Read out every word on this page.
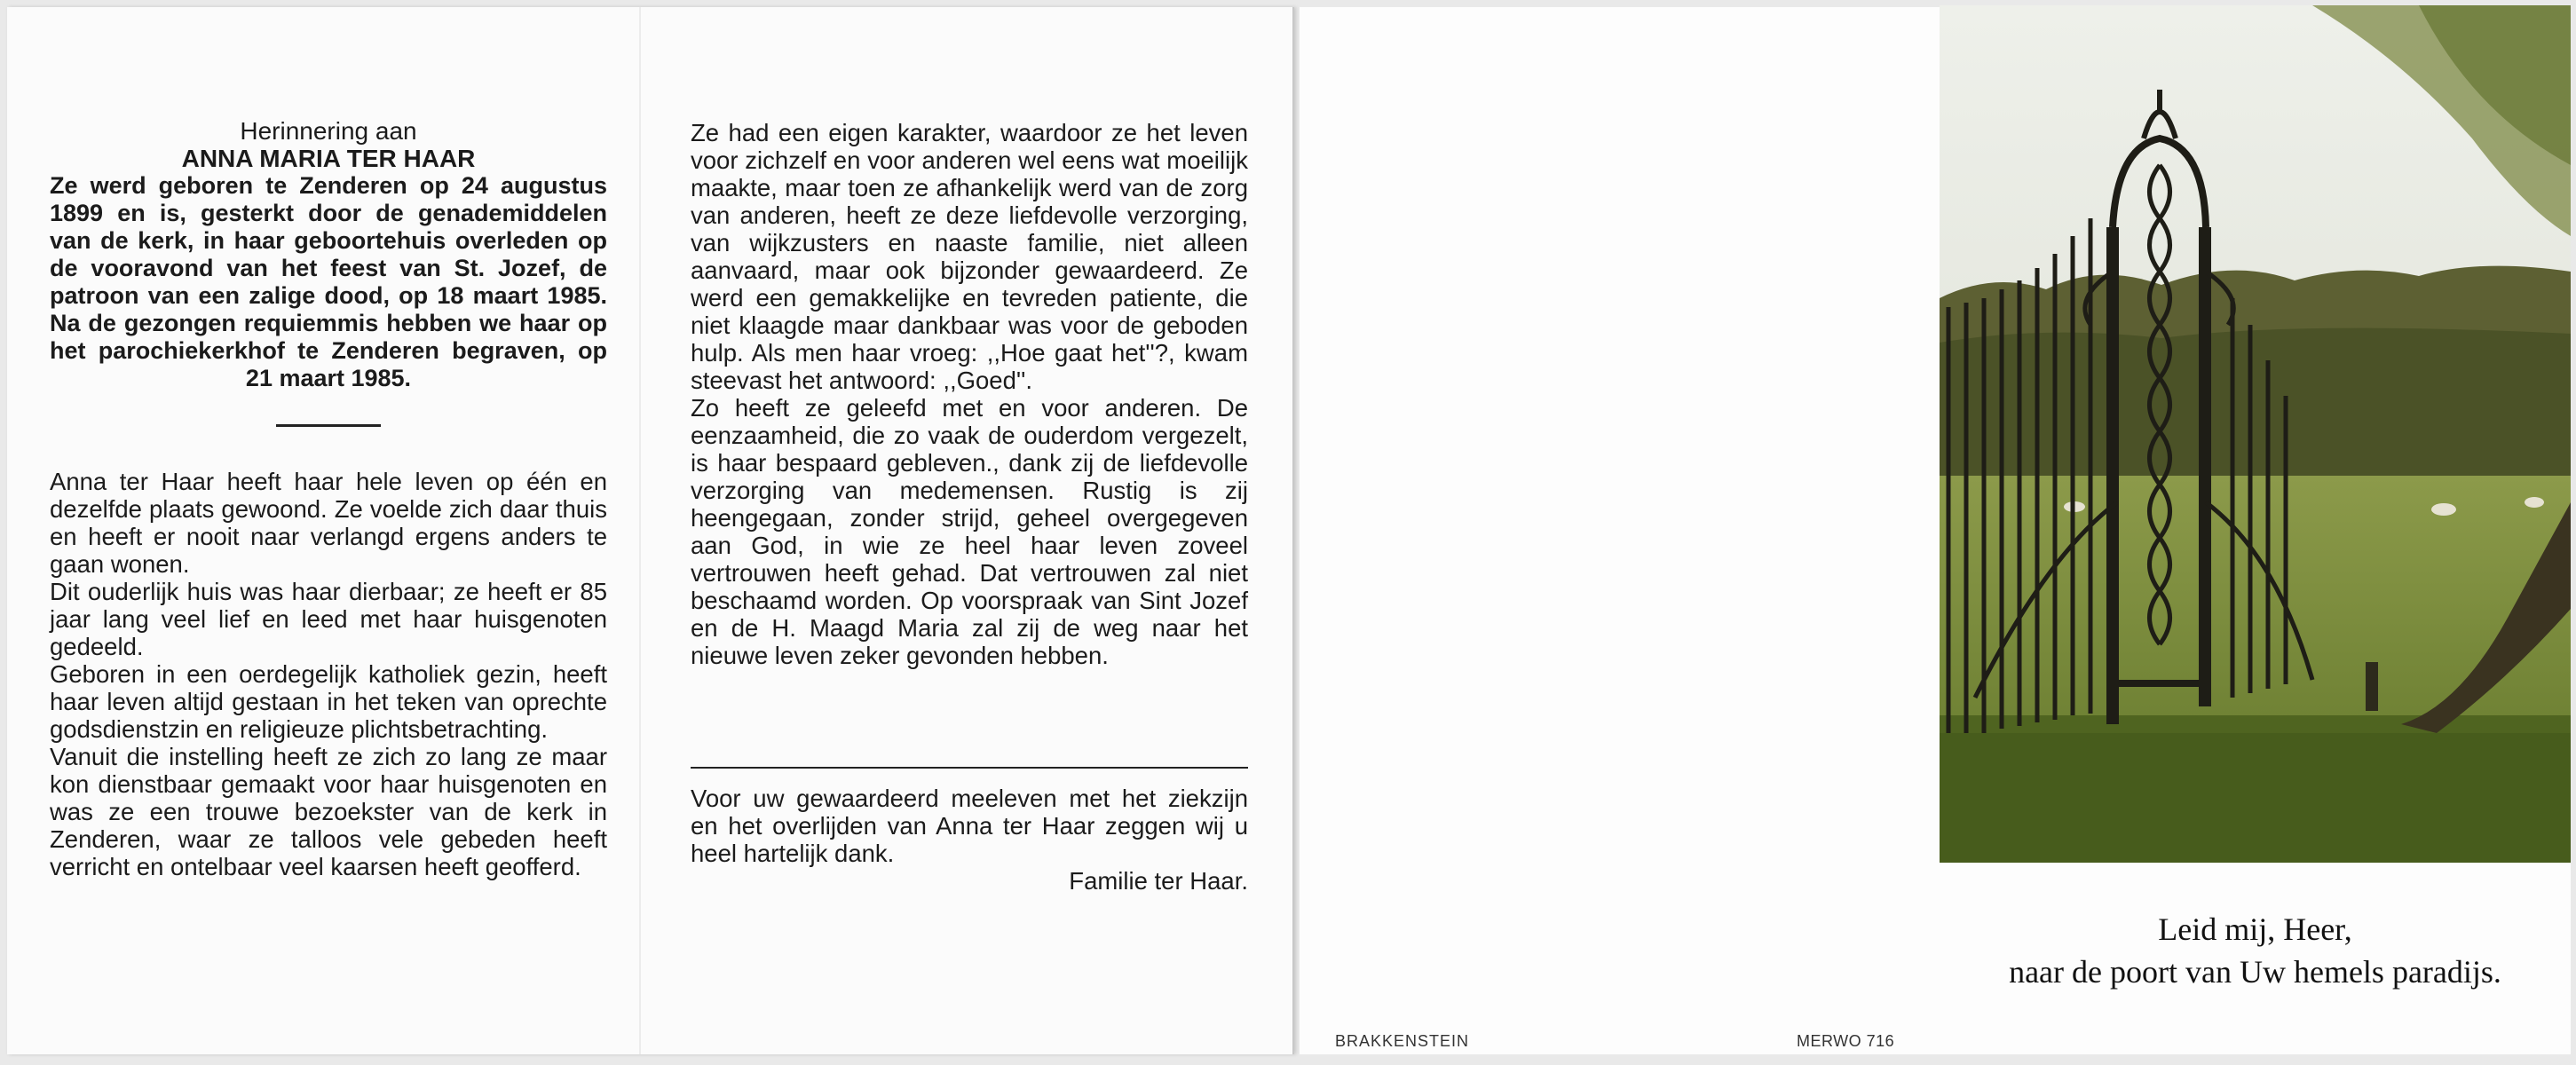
Herinnering aan

ANNA MARIA TER HAAR

Ze werd geboren te Zenderen op 24 augustus 1899 en is, gesterkt door de genademiddelen van de kerk, in haar geboortehuis overleden op de vooravond van het feest van St. Jozef, de patroon van een zalige dood, op 18 maart 1985. Na de gezongen requiemmis hebben we haar op het parochiekerkhof te Zenderen begraven, op 21 maart 1985.

Anna ter Haar heeft haar hele leven op één en dezelfde plaats gewoond. Ze voelde zich daar thuis en heeft er nooit naar verlangd ergens anders te gaan wonen.

Dit ouderlijk huis was haar dierbaar; ze heeft er 85 jaar lang veel lief en leed met haar huisgenoten gedeeld.

Geboren in een oerdegelijk katholiek gezin, heeft haar leven altijd gestaan in het teken van oprechte godsdienstzin en religieuze plichtsbetrachting.

Vanuit die instelling heeft ze zich zo lang ze maar kon dienstbaar gemaakt voor haar huisgenoten en was ze een trouwe bezoekster van de kerk in Zenderen, waar ze talloos vele gebeden heeft verricht en ontelbaar veel kaarsen heeft geofferd.

Ze had een eigen karakter, waardoor ze het leven voor zichzelf en voor anderen wel eens wat moeilijk maakte, maar toen ze afhankelijk werd van de zorg van anderen, heeft ze deze liefdevolle verzorging, van wijkzusters en naaste familie, niet alleen aanvaard, maar ook bijzonder gewaardeerd. Ze werd een gemakkelijke en tevreden patiente, die niet klaagde maar dankbaar was voor de geboden hulp. Als men haar vroeg: ,,Hoe gaat het''?, kwam steevast het antwoord: ,,Goed''.

Zo heeft ze geleefd met en voor anderen. De eenzaamheid, die zo vaak de ouderdom vergezelt, is haar bespaard gebleven., dank zij de liefdevolle verzorging van medemensen. Rustig is zij heengegaan, zonder strijd, geheel overgegeven aan God, in wie ze heel haar leven zoveel vertrouwen heeft gehad. Dat vertrouwen zal niet beschaamd worden. Op voorspraak van Sint Jozef en de H. Maagd Maria zal zij de weg naar het nieuwe leven zeker gevonden hebben.

Voor uw gewaardeerd meeleven met het ziekzijn en het overlijden van Anna ter Haar zeggen wij u heel hartelijk dank.

Familie ter Haar.

BRAKKENSTEIN	MERWO 716
Leid mij, Heer,
naar de poort van Uw hemels paradijs.
